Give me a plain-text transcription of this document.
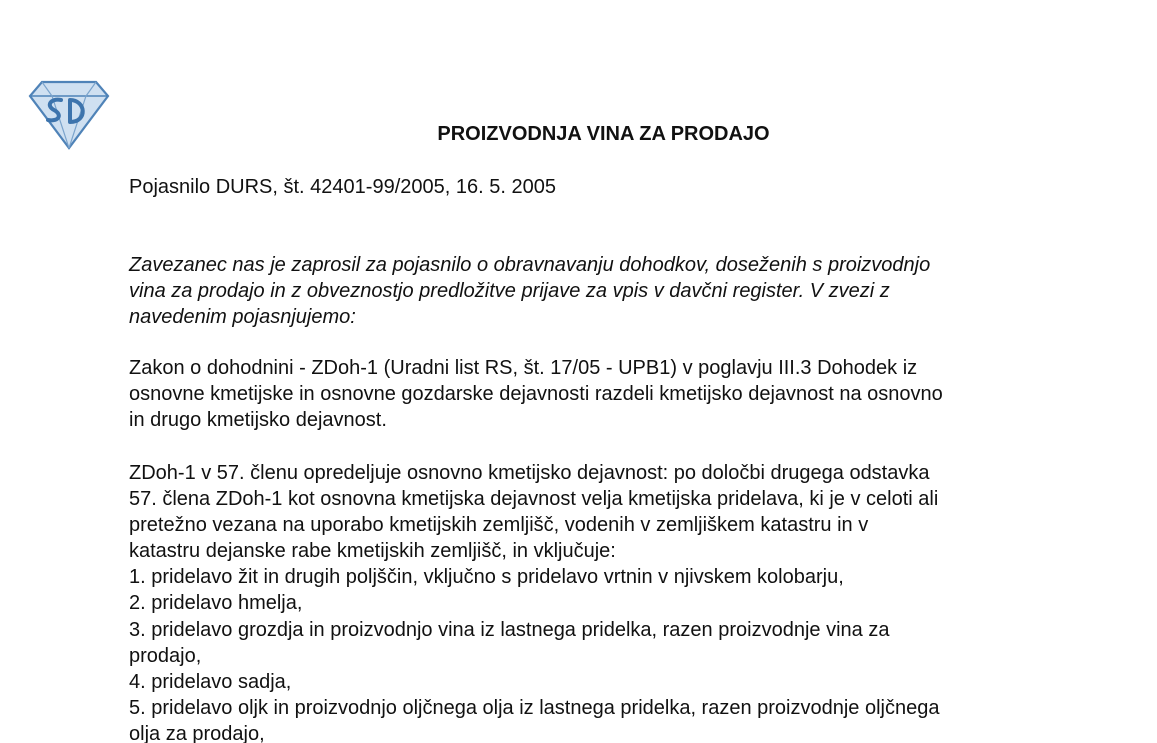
PROIZVODNJA VINA ZA PRODAJO

Pojasnilo DURS, št. 42401-99/2005, 16. 5. 2005

Zavezanec nas je zaprosil za pojasnilo o obravnavanju dohodkov, doseženih s proizvodnjo

vina za prodajo in z obveznostjo predložitve prijave za vpis v davčni register. V zvezi z

navedenim pojasnjujemo:

Zakon o dohodnini - ZDoh-1 (Uradni list RS, št. 17/05 - UPB1) v poglavju III.3 Dohodek iz

osnovne kmetijske in osnovne gozdarske dejavnosti razdeli kmetijsko dejavnost na osnovno

in drugo kmetijsko dejavnost.

ZDoh-1 v 57. členu opredeljuje osnovno kmetijsko dejavnost: po določbi drugega odstavka

57. člena ZDoh-1 kot osnovna kmetijska dejavnost velja kmetijska pridelava, ki je v celoti ali

pretežno vezana na uporabo kmetijskih zemljišč, vodenih v zemljiškem katastru in v

katastru dejanske rabe kmetijskih zemljišč, in vključuje:

1. pridelavo žit in drugih poljščin, vključno s pridelavo vrtnin v njivskem kolobarju,

2. pridelavo hmelja,

3. pridelavo grozdja in proizvodnjo vina iz lastnega pridelka, razen proizvodnje vina za

prodajo,

4. pridelavo sadja,

5. pridelavo oljk in proizvodnjo oljčnega olja iz lastnega pridelka, razen proizvodnje oljčnega

olja za prodajo,
